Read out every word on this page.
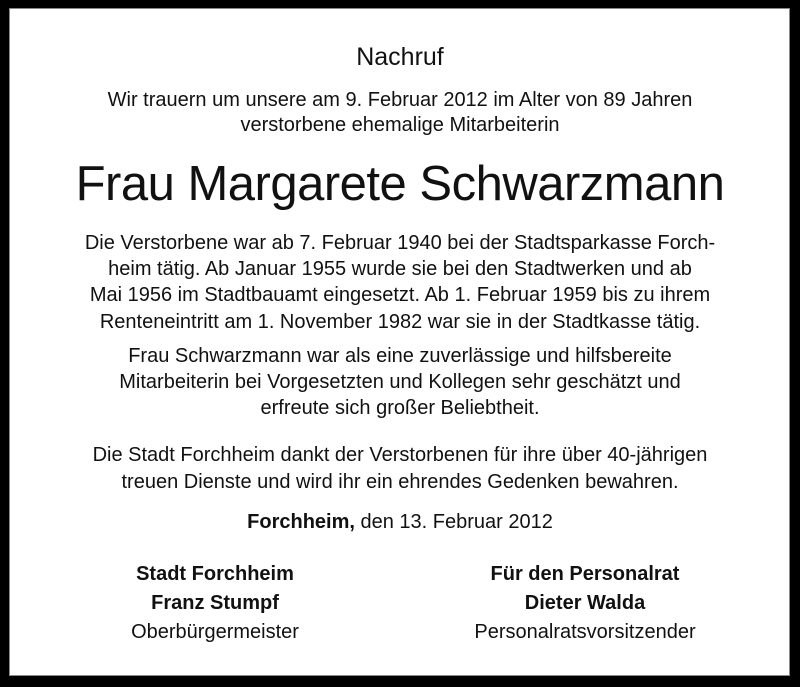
Nachruf
Wir trauern um unsere am 9. Februar 2012 im Alter von 89 Jahren
verstorbene ehemalige Mitarbeiterin
Frau Margarete Schwarzmann
Die Verstorbene war ab 7. Februar 1940 bei der Stadtsparkasse Forch-
heim tätig. Ab Januar 1955 wurde sie bei den Stadtwerken und ab
Mai 1956 im Stadtbauamt eingesetzt. Ab 1. Februar 1959 bis zu ihrem
Renteneintritt am 1. November 1982 war sie in der Stadtkasse tätig.
Frau Schwarzmann war als eine zuverlässige und hilfsbereite
Mitarbeiterin bei Vorgesetzten und Kollegen sehr geschätzt und
erfreute sich großer Beliebtheit.
Die Stadt Forchheim dankt der Verstorbenen für ihre über 40-jährigen
treuen Dienste und wird ihr ein ehrendes Gedenken bewahren.
Forchheim, den 13. Februar 2012
Stadt Forchheim
Franz Stumpf
Oberbürgermeister
Für den Personalrat
Dieter Walda
Personalratsvorsitzender
